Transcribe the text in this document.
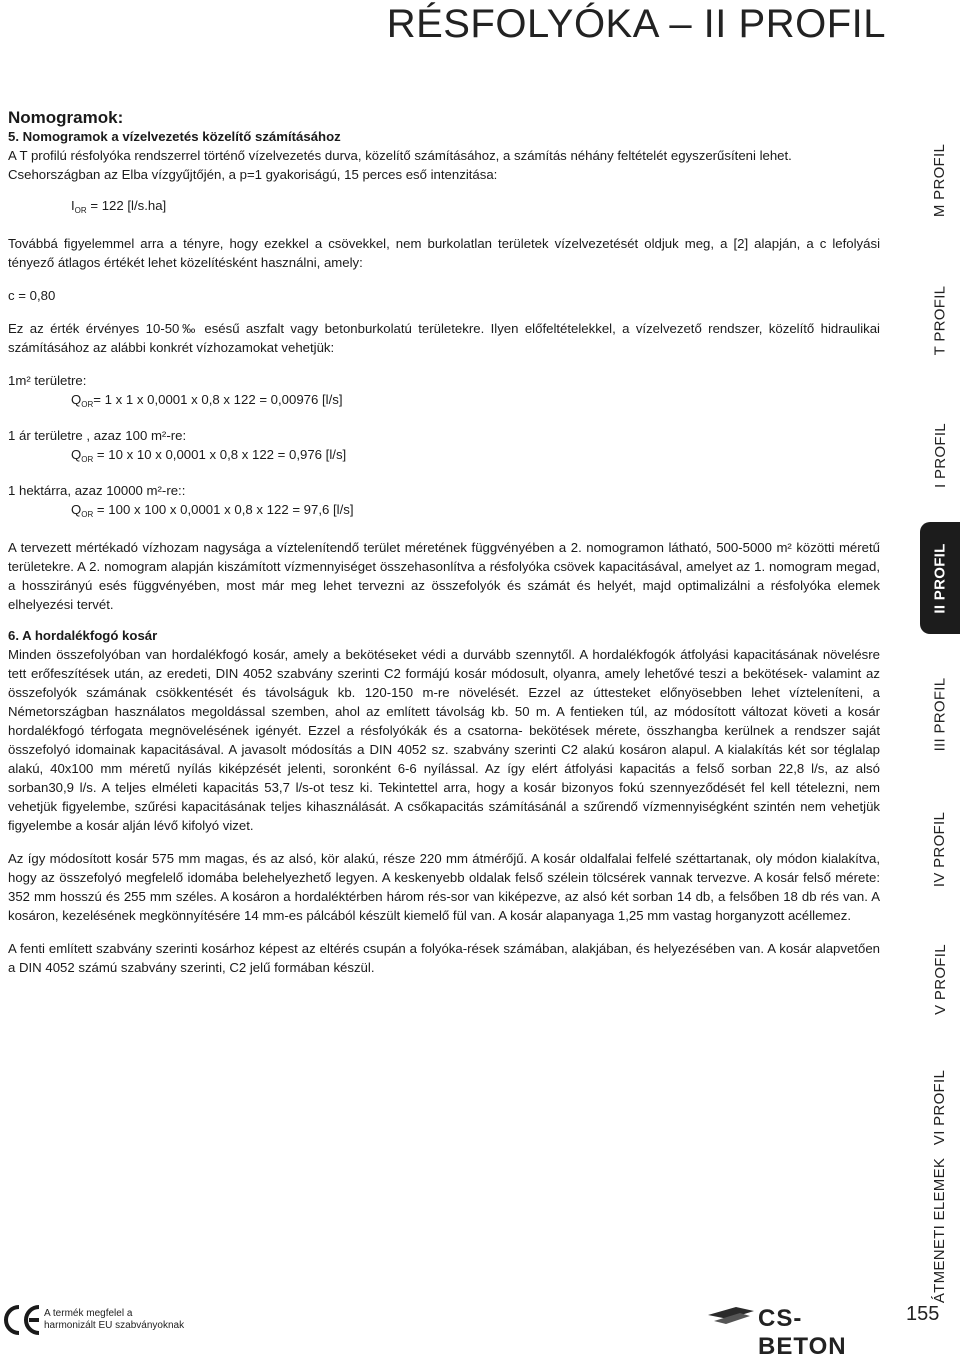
RÉSFOLYÓKA – II PROFIL

Nomogramok:

5. Nomogramok a vízelvezetés közelítő számításához

A T profilú résfolyóka rendszerrel történő vízelvezetés durva, közelítő számításához, a számítás néhány feltételét egyszerűsíteni lehet. Csehországban az Elba vízgyűjtőjén, a p=1 gyakoriságú, 15 perces eső intenzitása:

$I_{OR} = 122$ [l/s.ha]

Továbbá figyelemmel arra a tényre, hogy ezekkel a csövekkel, nem burkolatlan területek vízelvezetését oldjuk meg, a [2] alapján, a c lefolyási tényező átlagos értékét lehet közelítésként használni, amely:

c = 0,80

Ez az érték érvényes 10-50‰ esésű aszfalt vagy betonburkolatú területekre. Ilyen előfeltételekkel, a vízelvezető rendszer, közelítő hidraulikai számításához az alábbi konkrét vízhozamokat vehetjük:

1m² területre:

$Q_{OR}= 1$ x 1 x 0,0001 x 0,8 x 122 = 0,00976 [l/s]

1 ár területre , azaz 100 m²-re:

$Q_{OR} = 10$ x 10 x 0,0001 x 0,8 x 122 = 0,976 [l/s]

1 hektárra, azaz 10000 m²-re::

$Q_{OR} = 100$ x 100 x 0,0001 x 0,8 x 122 = 97,6 [l/s]

A tervezett mértékadó vízhozam nagysága a víztelenítendő terület méretének függvényében a 2. nomogramon látható, 500-5000 m² közötti méretű területekre. A 2. nomogram alapján kiszámított vízmennyiséget összehasonlítva a résfolyóka csövek kapacitásával, amelyet az 1. nomogram megad, a hosszirányú esés függvényében, most már meg lehet tervezni az összefolyók és számát és helyét, majd optimalizálni a résfolyóka elemek elhelyezési tervét.

6. A hordalékfogó kosár

Minden összefolyóban van hordalékfogó kosár, amely a bekötéseket védi a durvább szennytől. A hordalékfogók átfolyási kapacitásának növelésre tett erőfeszítések után, az eredeti, DIN 4052 szabvány szerinti C2 formájú kosár módosult, olyanra, amely lehetővé teszi a bekötések- valamint az összefolyók számának csökkentését és távolságuk kb. 120-150 m-re növelését. Ezzel az úttesteket előnyösebben lehet vízteleníteni, a Németországban használatos megoldással szemben, ahol az említett távolság kb. 50 m. A fentieken túl, az módosított változat követi a kosár hordalékfogó térfogata megnövelésének igényét. Ezzel a résfolyókák és a csatorna- bekötések mérete, összhangba kerülnek a rendszer saját összefolyó idomainak kapacitásával. A javasolt módosítás a DIN 4052 sz. szabvány szerinti C2 alakú kosáron alapul. A kialakítás két sor téglalap alakú, 40x100 mm méretű nyílás kiképzését jelenti, soronként 6-6 nyílással. Az így elért átfolyási kapacitás a felső sorban 22,8 l/s, az alsó sorban30,9 l/s. A teljes elméleti kapacitás 53,7 l/s-ot tesz ki. Tekintettel arra, hogy a kosár bizonyos fokú szennyeződését fel kell tételezni, nem vehetjük figyelembe, szűrési kapacitásának teljes kihasználását. A csőkapacitás számításánál a szűrendő vízmennyiségként szintén nem vehetjük figyelembe a kosár alján lévő kifolyó vizet.

Az így módosított kosár 575 mm magas, és az alsó, kör alakú, része 220 mm átmérőjű. A kosár oldalfalai felfelé széttartanak, oly módon kialakítva, hogy az összefolyó megfelelő idomába belehelyezhető legyen. A keskenyebb oldalak felső szélein tölcsérek vannak tervezve. A kosár felső mérete: 352 mm hosszú és 255 mm széles. A kosáron a hordaléktérben három rés-sor van kiképezve, az alsó két sorban 14 db, a felsőben 18 db rés van. A kosáron, kezelésének megkönnyítésére 14 mm-es pálcából készült kiemelő fül van. A kosár alapanyaga 1,25 mm vastag horganyzott acéllemez.

A fenti említett szabvány szerinti kosárhoz képest az eltérés csupán a folyóka-rések számában, alakjában, és helyezésében van. A kosár alapvetően a DIN 4052 számú szabvány szerinti, C2 jelű formában készül.

M PROFIL
T PROFIL
I PROFIL
II PROFIL
III PROFIL
IV PROFIL
V PROFIL
VI PROFIL
ÁTMENETI ELEMEK
A termék megfelel a
harmonizált EU szabványoknak	CS-BETON
155
